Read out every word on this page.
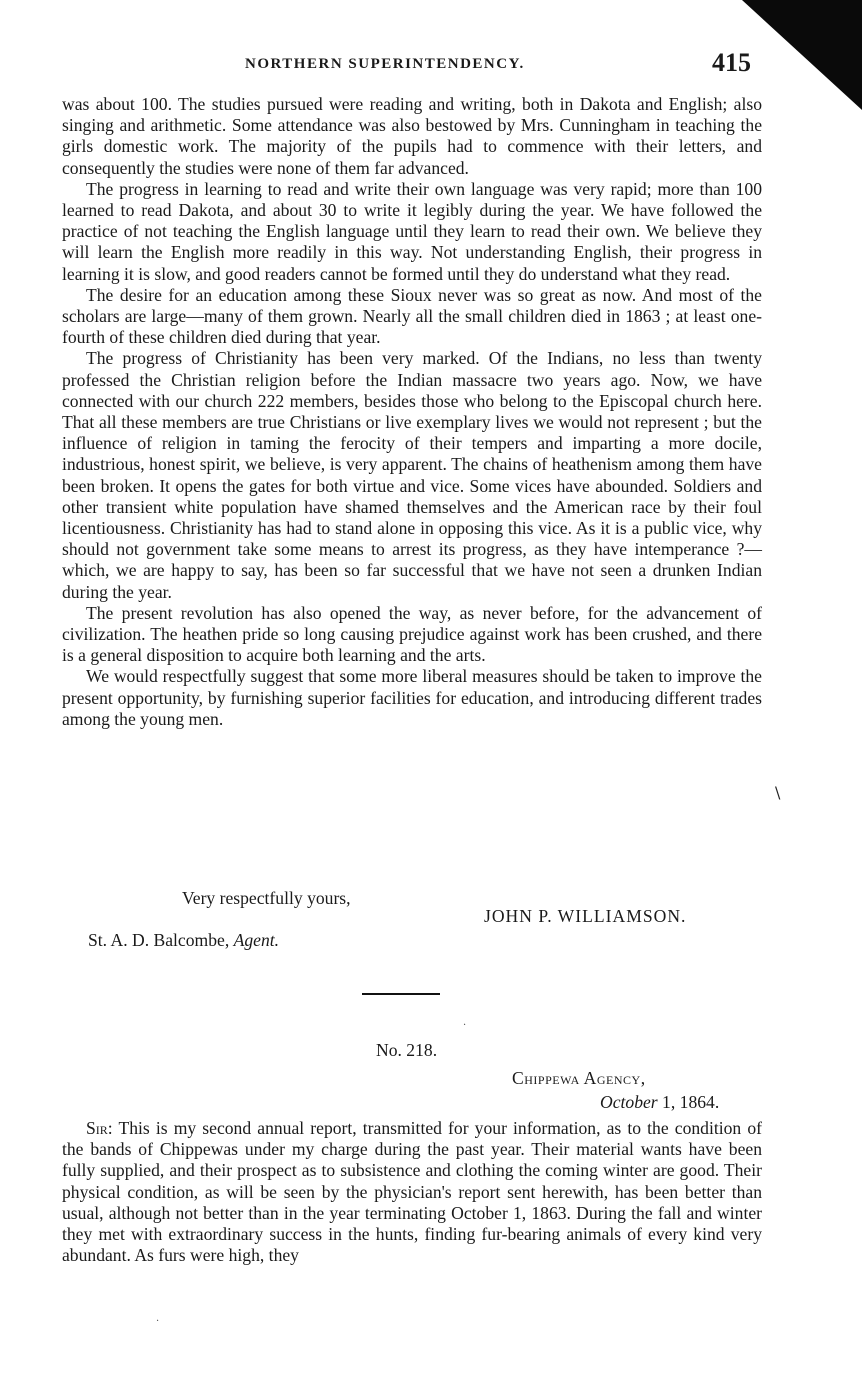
NORTHERN SUPERINTENDENCY.	415

was about 100. The studies pursued were reading and writing, both in Dakota and English; also singing and arithmetic. Some attendance was also bestowed by Mrs. Cunningham in teaching the girls domestic work. The majority of the pupils had to commence with their letters, and consequently the studies were none of them far advanced.

The progress in learning to read and write their own language was very rapid; more than 100 learned to read Dakota, and about 30 to write it legibly during the year. We have followed the practice of not teaching the English language until they learn to read their own. We believe they will learn the English more readily in this way. Not understanding English, their progress in learning it is slow, and good readers cannot be formed until they do understand what they read.

The desire for an education among these Sioux never was so great as now. And most of the scholars are large—many of them grown. Nearly all the small children died in 1863 ; at least one-fourth of these children died during that year.

The progress of Christianity has been very marked. Of the Indians, no less than twenty professed the Christian religion before the Indian massacre two years ago. Now, we have connected with our church 222 members, besides those who belong to the Episcopal church here. That all these members are true Christians or live exemplary lives we would not represent ; but the influence of religion in taming the ferocity of their tempers and imparting a more docile, industrious, honest spirit, we believe, is very apparent. The chains of heathenism among them have been broken. It opens the gates for both virtue and vice. Some vices have abounded. Soldiers and other transient white population have shamed themselves and the American race by their foul licentiousness. Christianity has had to stand alone in opposing this vice. As it is a public vice, why should not government take some means to arrest its progress, as they have intemperance ?—which, we are happy to say, has been so far successful that we have not seen a drunken Indian during the year.

The present revolution has also opened the way, as never before, for the advancement of civilization. The heathen pride so long causing prejudice against work has been crushed, and there is a general disposition to acquire both learning and the arts.

We would respectfully suggest that some more liberal measures should be taken to improve the present opportunity, by furnishing superior facilities for education, and introducing different trades among the young men.

\
Very respectfully yours,
JOHN P. WILLIAMSON.
St. A. D. Balcombe, Agent.
·
No. 218.
Chippewa Agency,
October 1, 1864.

Sir: This is my second annual report, transmitted for your information, as to the condition of the bands of Chippewas under my charge during the past year. Their material wants have been fully supplied, and their prospect as to subsistence and clothing the coming winter are good. Their physical condition, as will be seen by the physician's report sent herewith, has been better than usual, although not better than in the year terminating October 1, 1863. During the fall and winter they met with extraordinary success in the hunts, finding fur-bearing animals of every kind very abundant. As furs were high, they

·
